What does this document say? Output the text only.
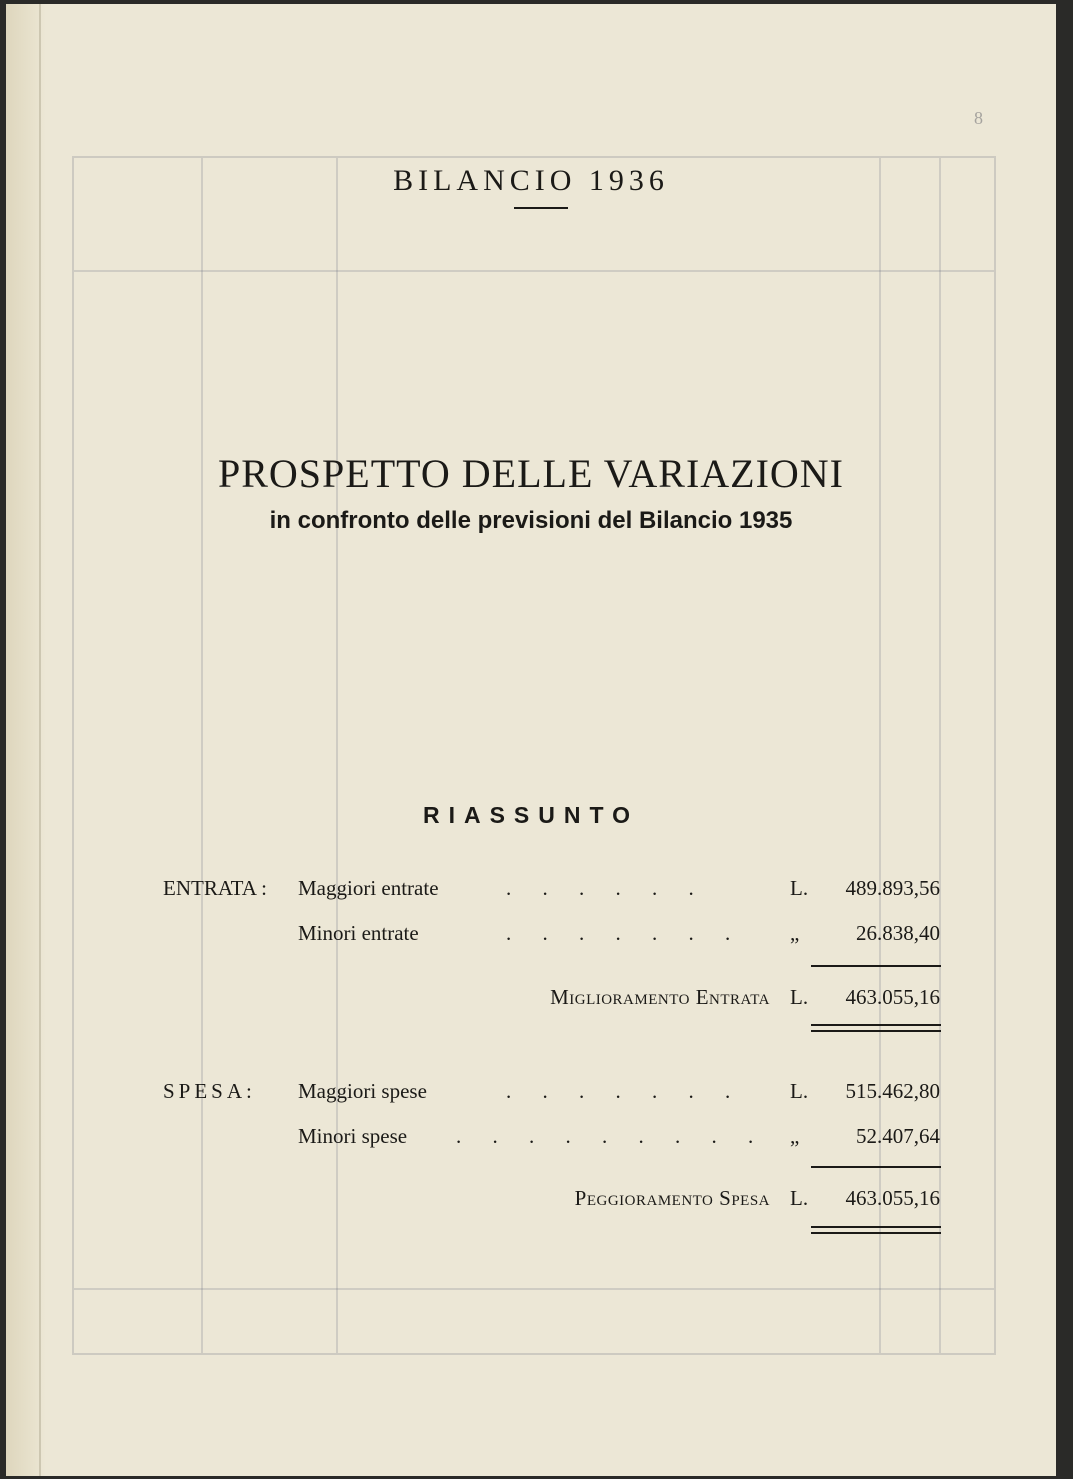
8
BILANCIO 1936
PROSPETTO DELLE VARIAZIONI
in confronto delle previsioni del Bilancio 1935
RIASSUNTO
ENTRATA : Maggiori entrate	. . . . . .	L. 489.893,56
Minori entrate	. . . . . . . „	26.838,40
Miglioramento Entrata L. 463.055,16
SPESA: Maggiori spese	. . . . . . . L. 515.462,80
Minori spese . . . . . . . . . „	52.407,64
Peggioramento Spesa L. 463.055,16
